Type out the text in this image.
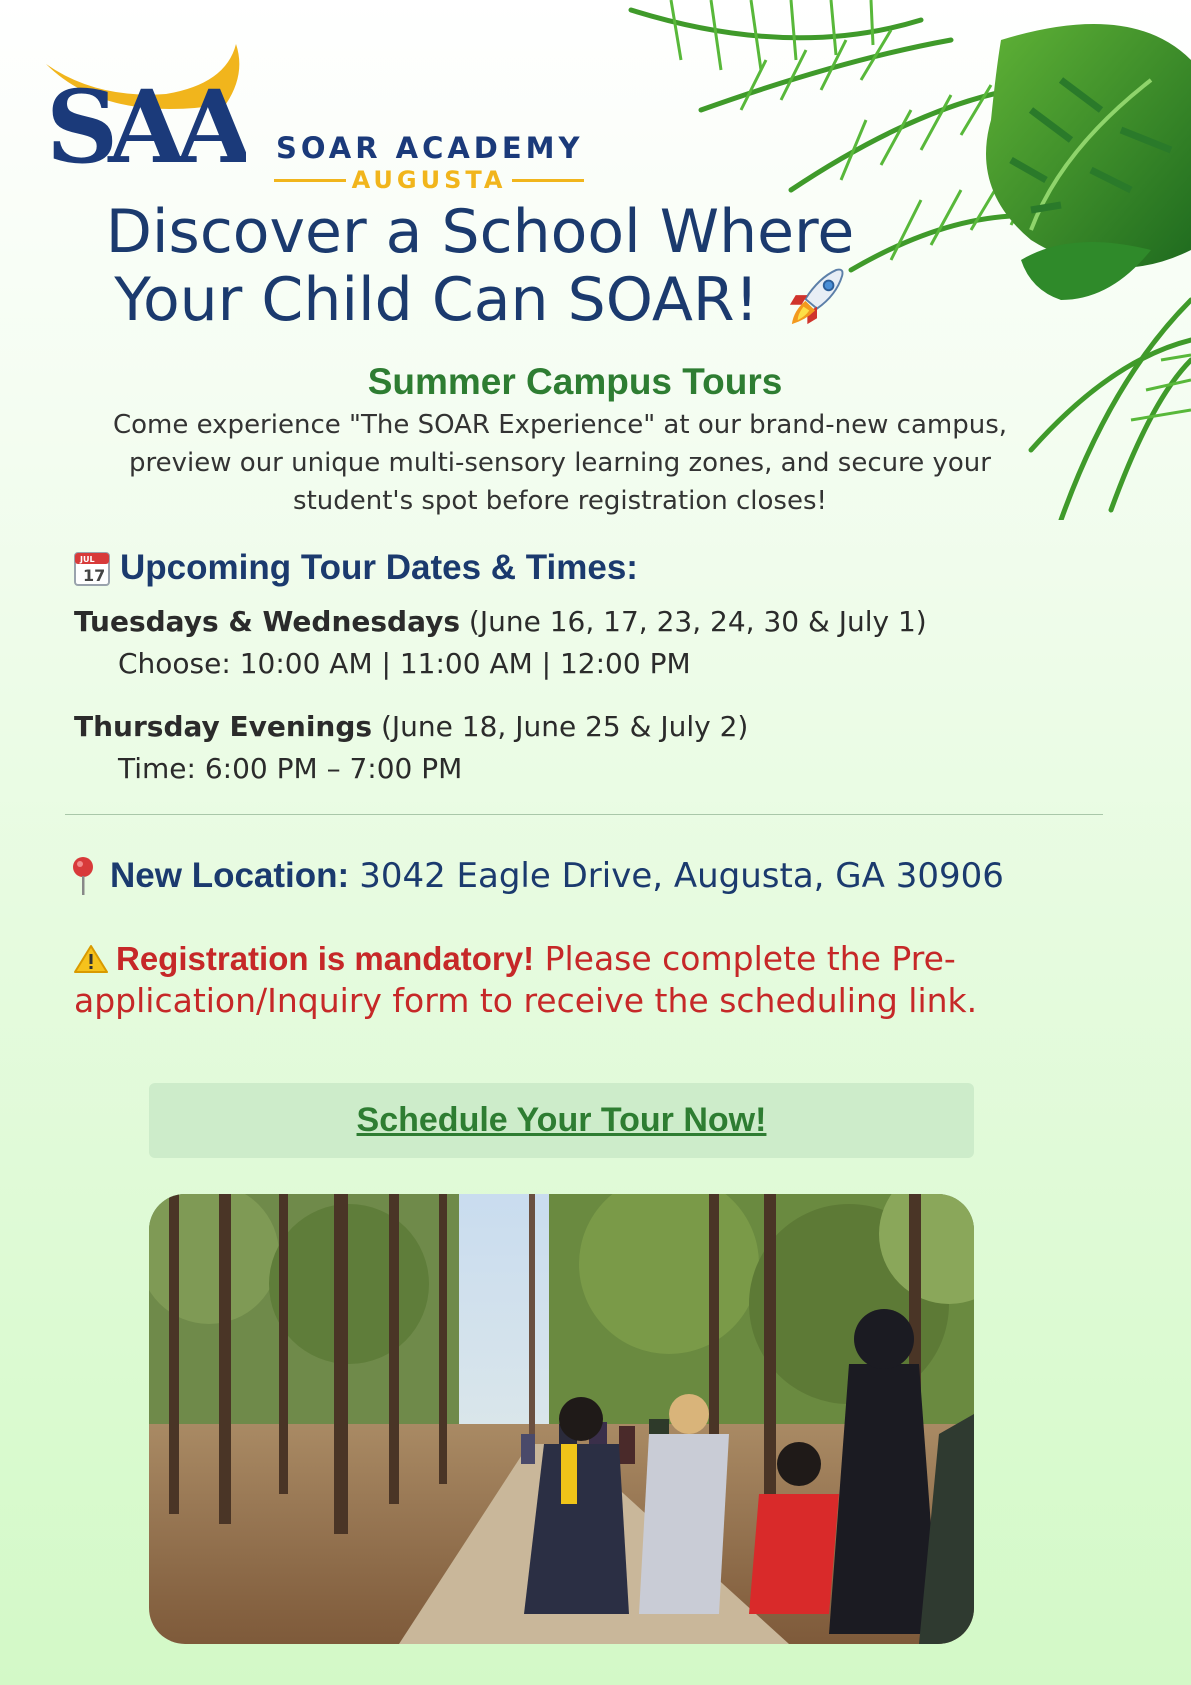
SAA	SOAR ACADEMY
AUGUSTA
Discover a School Where
Your Child Can SOAR!
Summer Campus Tours
Come experience "The SOAR Experience" at our brand-new campus,
preview our unique multi-sensory learning zones, and secure your
student's spot before registration closes!
JUL
17 Upcoming Tour Dates & Times:
Tuesdays & Wednesdays (June 16, 17, 23, 24, 30 & July 1)
Choose: 10:00 AM | 11:00 AM | 12:00 PM
Thursday Evenings (June 18, June 25 & July 2)
Time: 6:00 PM – 7:00 PM
New Location: 3042 Eagle Drive, Augusta, GA 30906
Registration is mandatory! Please complete the Pre-
application/Inquiry form to receive the scheduling link.
Schedule Your Tour Now!
